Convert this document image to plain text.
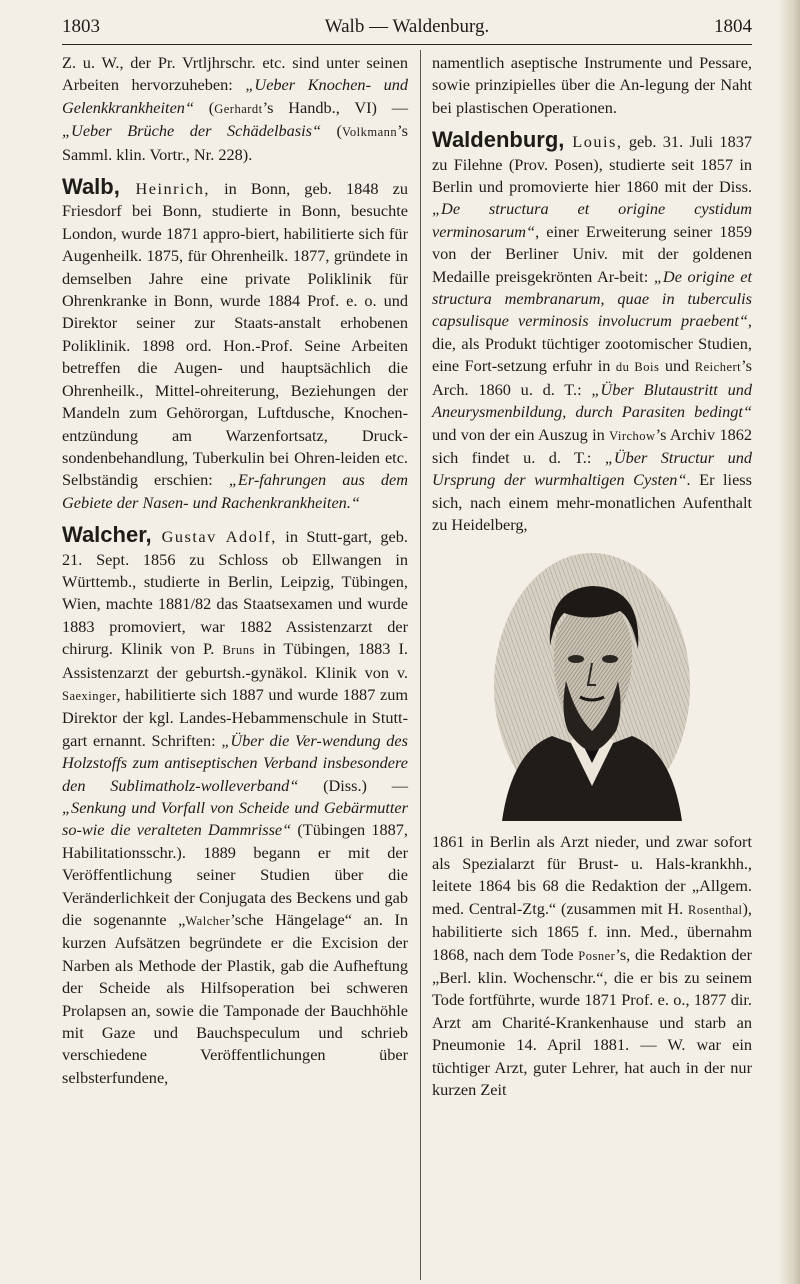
1803	Walb — Waldenburg.	1804

Z. u. W., der Pr. Vrtljhrschr. etc. sind unter seinen Arbeiten hervorzuheben: „Ueber Knochen- und Gelenkkrankheiten“ (Gerhardt’s Handb., VI) — „Ueber Brüche der Schädelbasis“ (Volkmann’s Samml. klin. Vortr., Nr. 228).

Walb, Heinrich, in Bonn, geb. 1848 zu Friesdorf bei Bonn, studierte in Bonn, besuchte London, wurde 1871 appro-biert, habilitierte sich für Augenheilk. 1875, für Ohrenheilk. 1877, gründete in demselben Jahre eine private Poliklinik für Ohrenkranke in Bonn, wurde 1884 Prof. e. o. und Direktor seiner zur Staats-anstalt erhobenen Poliklinik. 1898 ord. Hon.-Prof. Seine Arbeiten betreffen die Augen- und hauptsächlich die Ohrenheilk., Mittel-ohreiterung, Beziehungen der Mandeln zum Gehörorgan, Luftdusche, Knochen-entzündung am Warzenfortsatz, Druck-sondenbehandlung, Tuberkulin bei Ohren-leiden etc. Selbständig erschien: „Er-fahrungen aus dem Gebiete der Nasen- und Rachenkrankheiten.“

Walcher, Gustav Adolf, in Stutt-gart, geb. 21. Sept. 1856 zu Schloss ob Ellwangen in Württemb., studierte in Berlin, Leipzig, Tübingen, Wien, machte 1881/82 das Staatsexamen und wurde 1883 promoviert, war 1882 Assistenzarzt der chirurg. Klinik von P. Bruns in Tübingen, 1883 I. Assistenzarzt der geburtsh.-gynäkol. Klinik von v. Saexinger, habilitierte sich 1887 und wurde 1887 zum Direktor der kgl. Landes-Hebammenschule in Stutt-gart ernannt. Schriften: „Über die Ver-wendung des Holzstoffs zum antiseptischen Verband insbesondere den Sublimatholz-wolleverband“ (Diss.) — „Senkung und Vorfall von Scheide und Gebärmutter so-wie die veralteten Dammrisse“ (Tübingen 1887, Habilitationsschr.). 1889 begann er mit der Veröffentlichung seiner Studien über die Veränderlichkeit der Conjugata des Beckens und gab die sogenannte „Walcher’sche Hängelage“ an. In kurzen Aufsätzen begründete er die Excision der Narben als Methode der Plastik, gab die Aufheftung der Scheide als Hilfsoperation bei schweren Prolapsen an, sowie die Tamponade der Bauchhöhle mit Gaze und Bauchspeculum und schrieb verschiedene Veröffentlichungen über selbsterfundene,

namentlich aseptische Instrumente und Pessare, sowie prinzipielles über die An-legung der Naht bei plastischen Operationen.

Waldenburg, Louis, geb. 31. Juli 1837 zu Filehne (Prov. Posen), studierte seit 1857 in Berlin und promovierte hier 1860 mit der Diss. „De structura et origine cystidum verminosarum“, einer Erweiterung seiner 1859 von der Berliner Univ. mit der goldenen Medaille preisgekrönten Ar-beit: „De origine et structura membranarum, quae in tuberculis capsulisque verminosis involucrum praebent“, die, als Produkt tüchtiger zootomischer Studien, eine Fort-setzung erfuhr in du Bois und Reichert’s Arch. 1860 u. d. T.: „Über Blutaustritt und Aneurysmenbildung, durch Parasiten bedingt“ und von der ein Auszug in Virchow’s Archiv 1862 sich findet u. d. T.: „Über Structur und Ursprung der wurmhaltigen Cysten“. Er liess sich, nach einem mehr-monatlichen Aufenthalt zu Heidelberg,

1861 in Berlin als Arzt nieder, und zwar sofort als Spezialarzt für Brust- u. Hals-krankhh., leitete 1864 bis 68 die Redaktion der „Allgem. med. Central-Ztg.“ (zusammen mit H. Rosenthal), habilitierte sich 1865 f. inn. Med., übernahm 1868, nach dem Tode Posner’s, die Redaktion der „Berl. klin. Wochenschr.“, die er bis zu seinem Tode fortführte, wurde 1871 Prof. e. o., 1877 dir. Arzt am Charité-Krankenhause und starb an Pneumonie 14. April 1881. — W. war ein tüchtiger Arzt, guter Lehrer, hat auch in der nur kurzen Zeit
